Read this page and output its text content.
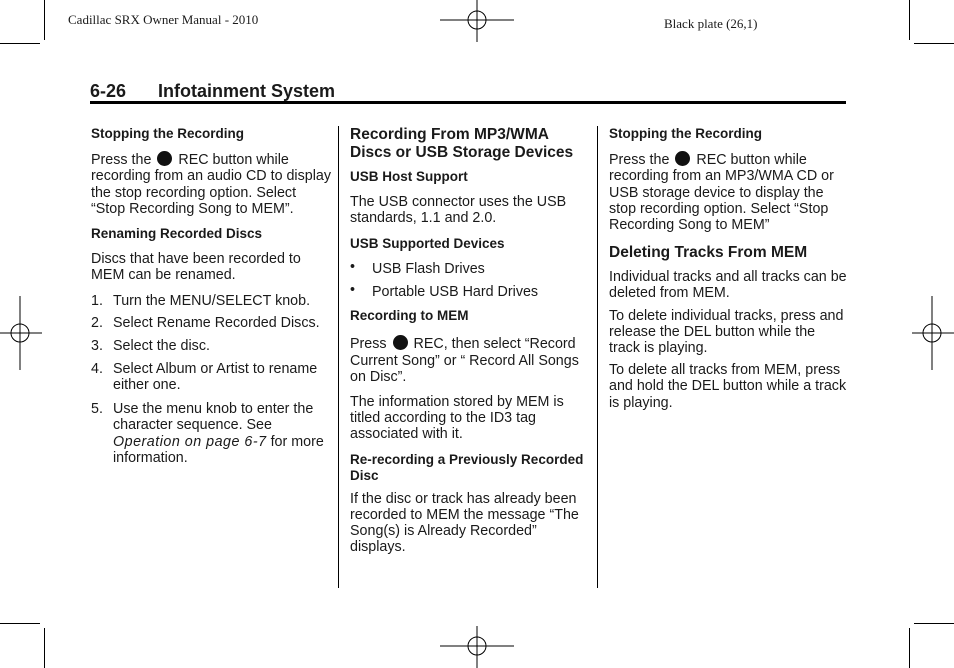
Cadillac SRX Owner Manual - 2010	Black plate (26,1)
6-26 Infotainment System
Stopping the Recording

Press the REC button while recording from an audio CD to display the stop recording option. Select “Stop Recording Song to MEM”.

Renaming Recorded Discs

Discs that have been recorded to MEM can be renamed.

1. Turn the MENU/SELECT knob.
2. Select Rename Recorded Discs.
3. Select the disc.
4. Select Album or Artist to rename either one.
5. Use the menu knob to enter the character sequence. See Operation on page 6-7 for more information.
Recording From MP3/WMA Discs or USB Storage Devices
USB Host Support

The USB connector uses the USB standards, 1.1 and 2.0.

USB Supported Devices
• USB Flash Drives
• Portable USB Hard Drives
Recording to MEM

Press REC, then select “Record Current Song” or “ Record All Songs on Disc”.

The information stored by MEM is titled according to the ID3 tag associated with it.

Re-recording a Previously Recorded Disc

If the disc or track has already been recorded to MEM the message “The Song(s) is Already Recorded” displays.

Stopping the Recording

Press the REC button while recording from an MP3/WMA CD or USB storage device to display the stop recording option. Select “Stop Recording Song to MEM”

Deleting Tracks From MEM

Individual tracks and all tracks can be deleted from MEM.

To delete individual tracks, press and release the DEL button while the track is playing.

To delete all tracks from MEM, press and hold the DEL button while a track is playing.
